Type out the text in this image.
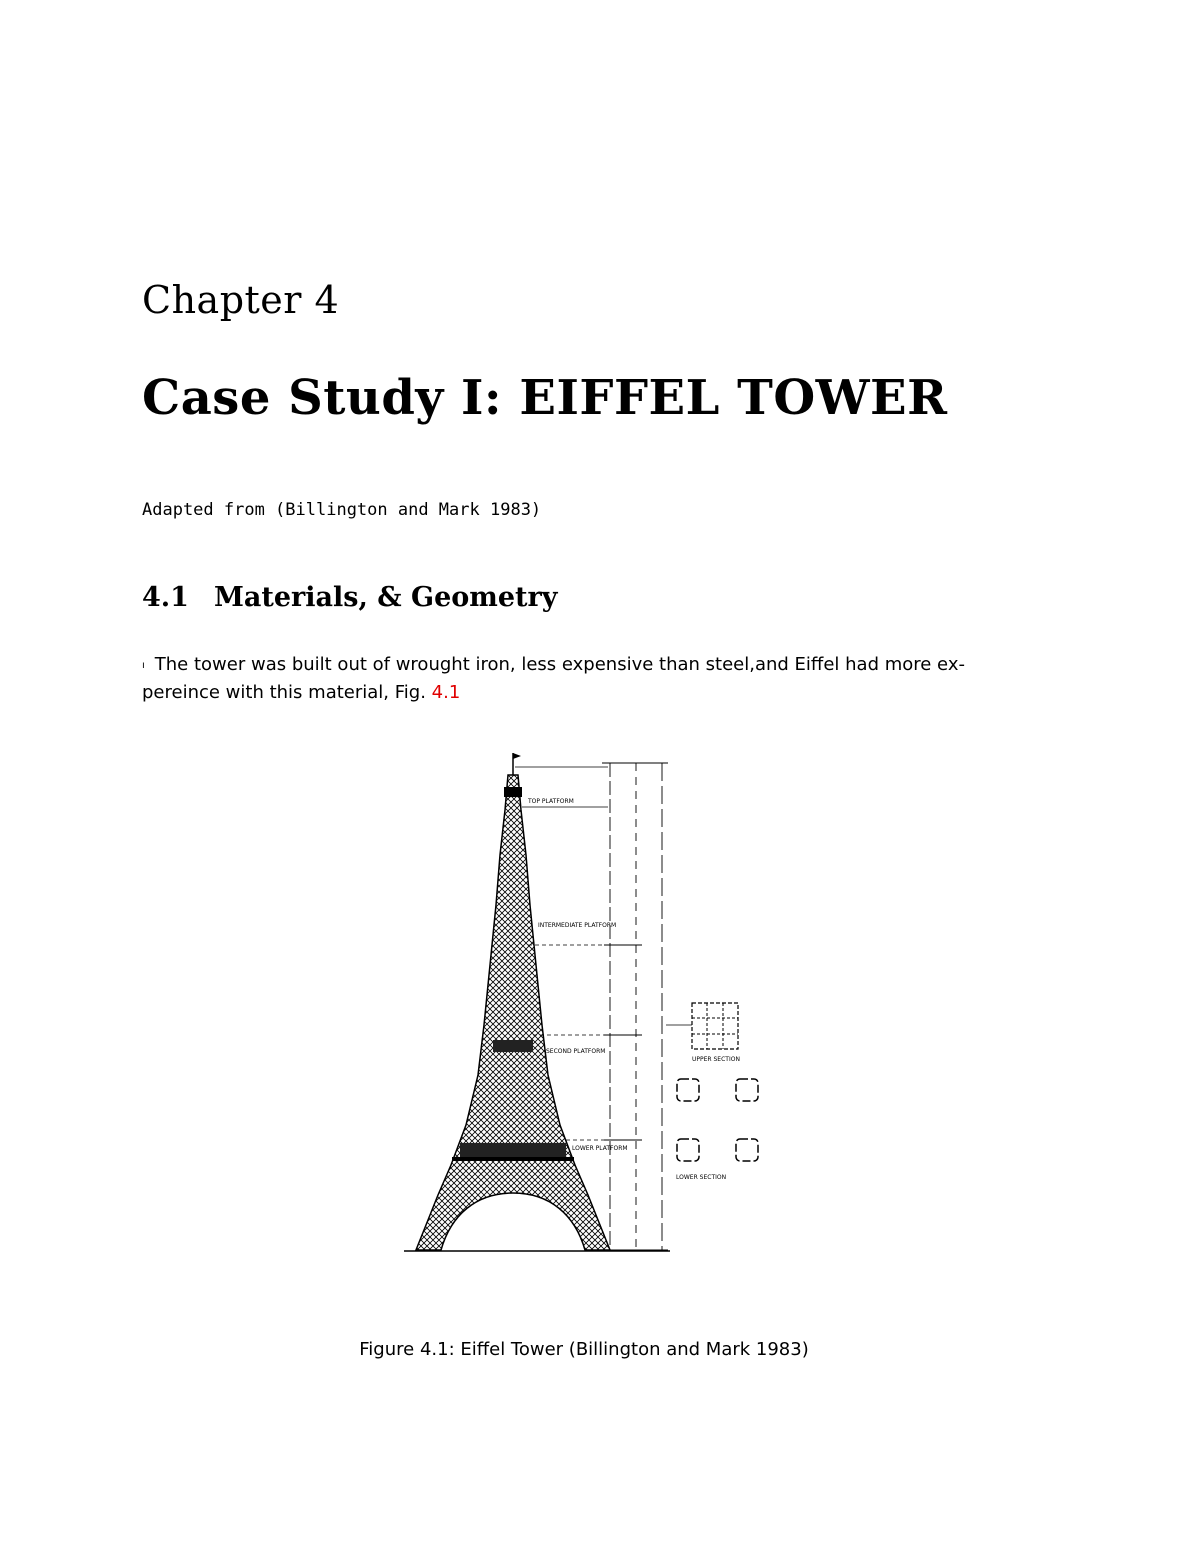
Chapter 4
Case Study I: EIFFEL TOWER
Adapted from (Billington and Mark 1983)
4.1 Materials, & Geometry
ı The tower was built out of wrought iron, less expensive than steel,and Eiffel had more ex- pereince with this material, Fig. 4.1
TOP PLATFORM
INTERMEDIATE PLATFORM
SECOND PLATFORM
LOWER PLATFORM
UPPER SECTION
LOWER SECTION
Figure 4.1: Eiffel Tower (Billington and Mark 1983)
